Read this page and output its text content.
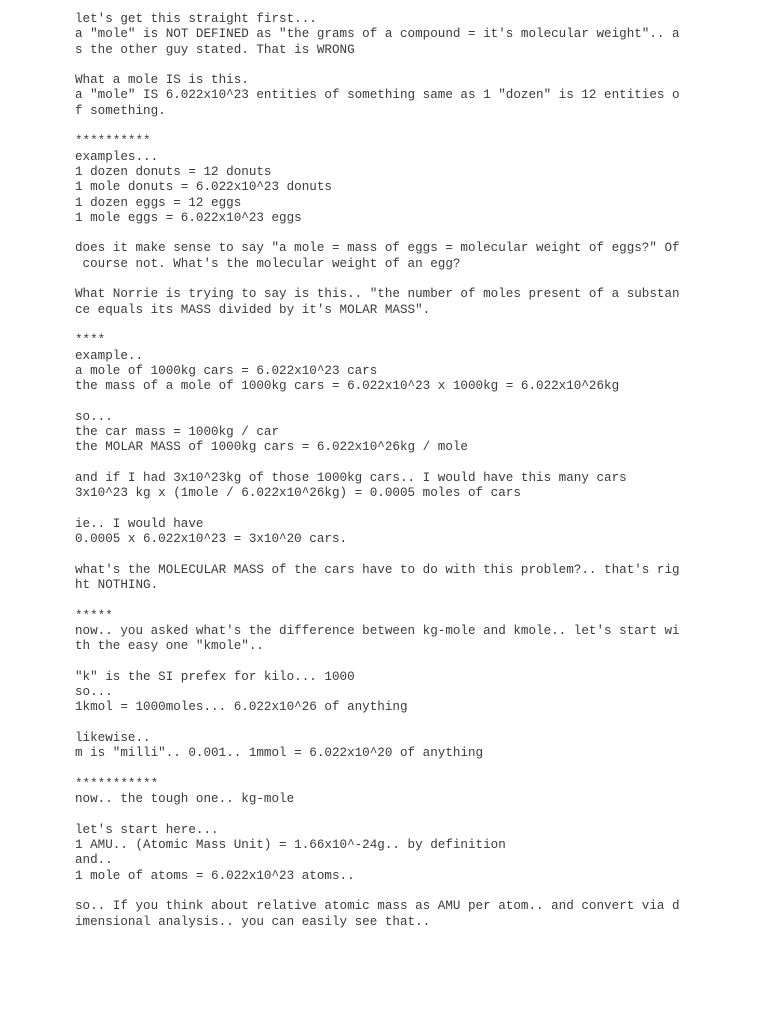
let's get this straight first...
a "mole" is NOT DEFINED as "the grams of a compound = it's molecular weight".. a
s the other guy stated. That is WRONG
What a mole IS is this.
a "mole" IS 6.022x10^23 entities of something same as 1 "dozen" is 12 entities o
f something.
**********
examples...
1 dozen donuts = 12 donuts
1 mole donuts = 6.022x10^23 donuts
1 dozen eggs = 12 eggs
1 mole eggs = 6.022x10^23 eggs
does it make sense to say "a mole = mass of eggs = molecular weight of eggs?" Of
course not. What's the molecular weight of an egg?
What Norrie is trying to say is this.. "the number of moles present of a substan
ce equals its MASS divided by it's MOLAR MASS".
****
example..
a mole of 1000kg cars = 6.022x10^23 cars
the mass of a mole of 1000kg cars = 6.022x10^23 x 1000kg = 6.022x10^26kg
so...
the car mass = 1000kg / car
the MOLAR MASS of 1000kg cars = 6.022x10^26kg / mole
and if I had 3x10^23kg of those 1000kg cars.. I would have this many cars
3x10^23 kg x (1mole / 6.022x10^26kg) = 0.0005 moles of cars
ie.. I would have
0.0005 x 6.022x10^23 = 3x10^20 cars.
what's the MOLECULAR MASS of the cars have to do with this problem?.. that's rig
ht NOTHING.
*****
now.. you asked what's the difference between kg-mole and kmole.. let's start wi
th the easy one "kmole"..
"k" is the SI prefex for kilo... 1000
so...
1kmol = 1000moles... 6.022x10^26 of anything
likewise..
m is "milli".. 0.001.. 1mmol = 6.022x10^20 of anything
***********
now.. the tough one.. kg-mole
let's start here...
1 AMU.. (Atomic Mass Unit) = 1.66x10^-24g.. by definition
and..
1 mole of atoms = 6.022x10^23 atoms..
so.. If you think about relative atomic mass as AMU per atom.. and convert via d
imensional analysis.. you can easily see that..
